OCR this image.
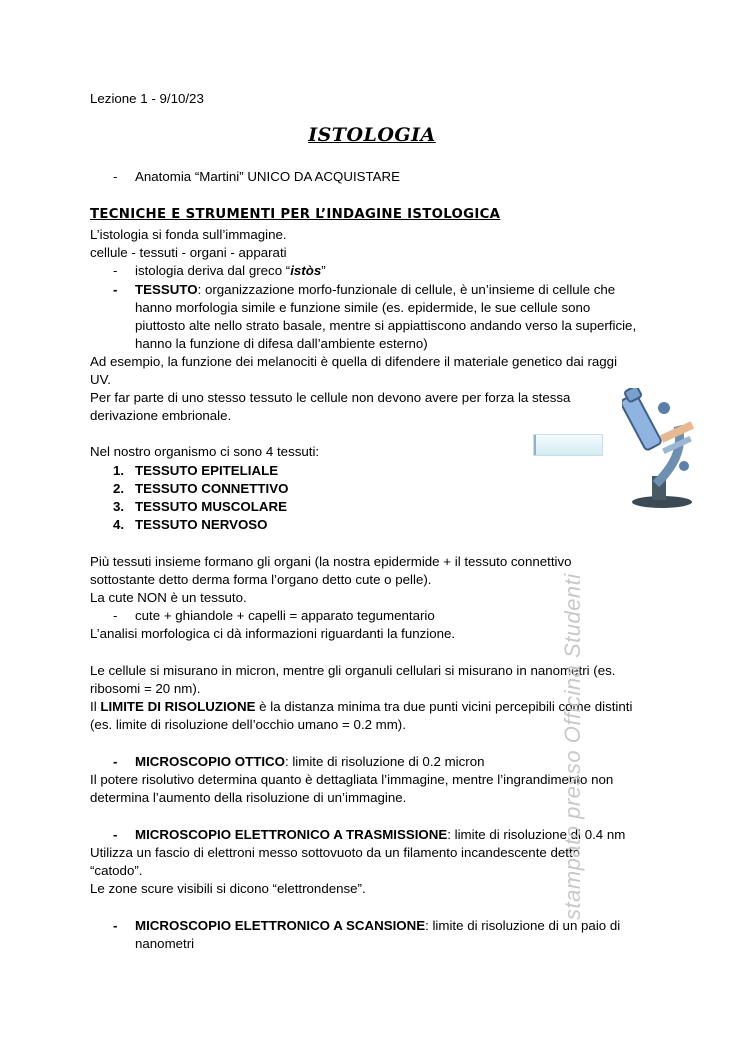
Lezione 1 - 9/10/23
ISTOLOGIA
- Anatomia “Martini” UNICO DA ACQUISTARE
TECNICHE E STRUMENTI PER L’INDAGINE ISTOLOGICA
L’istologia si fonda sull’immagine.
cellule - tessuti - organi - apparati
- istologia deriva dal greco “istòs”
- TESSUTO: organizzazione morfo-funzionale di cellule, è un’insieme di cellule che
hanno morfologia simile e funzione simile (es. epidermide, le sue cellule sono
piuttosto alte nello strato basale, mentre si appiattiscono andando verso la superficie,
hanno la funzione di difesa dall’ambiente esterno)
Ad esempio, la funzione dei melanociti è quella di difendere il materiale genetico dai raggi
UV.
Per far parte di uno stesso tessuto le cellule non devono avere per forza la stessa
derivazione embrionale.
Nel nostro organismo ci sono 4 tessuti:
1. TESSUTO EPITELIALE
2. TESSUTO CONNETTIVO
3. TESSUTO MUSCOLARE
4. TESSUTO NERVOSO
Più tessuti insieme formano gli organi (la nostra epidermide + il tessuto connettivo
sottostante detto derma forma l’organo detto cute o pelle).
La cute NON è un tessuto.
- cute + ghiandole + capelli = apparato tegumentario
L’analisi morfologica ci dà informazioni riguardanti la funzione.
Le cellule si misurano in micron, mentre gli organuli cellulari si misurano in nanometri (es.
ribosomi = 20 nm).
Il LIMITE DI RISOLUZIONE è la distanza minima tra due punti vicini percepibili come distinti
(es. limite di risoluzione dell’occhio umano = 0.2 mm).
- MICROSCOPIO OTTICO: limite di risoluzione di 0.2 micron
Il potere risolutivo determina quanto è dettagliata l’immagine, mentre l’ingrandimento non
determina l’aumento della risoluzione di un’immagine.
- MICROSCOPIO ELETTRONICO A TRASMISSIONE: limite di risoluzione di 0.4 nm
Utilizza un fascio di elettroni messo sottovuoto da un filamento incandescente detto
“catodo”.
Le zone scure visibili si dicono “elettrondense”.
- MICROSCOPIO ELETTRONICO A SCANSIONE: limite di risoluzione di un paio di
nanometri
stampato presso Officina Studenti
